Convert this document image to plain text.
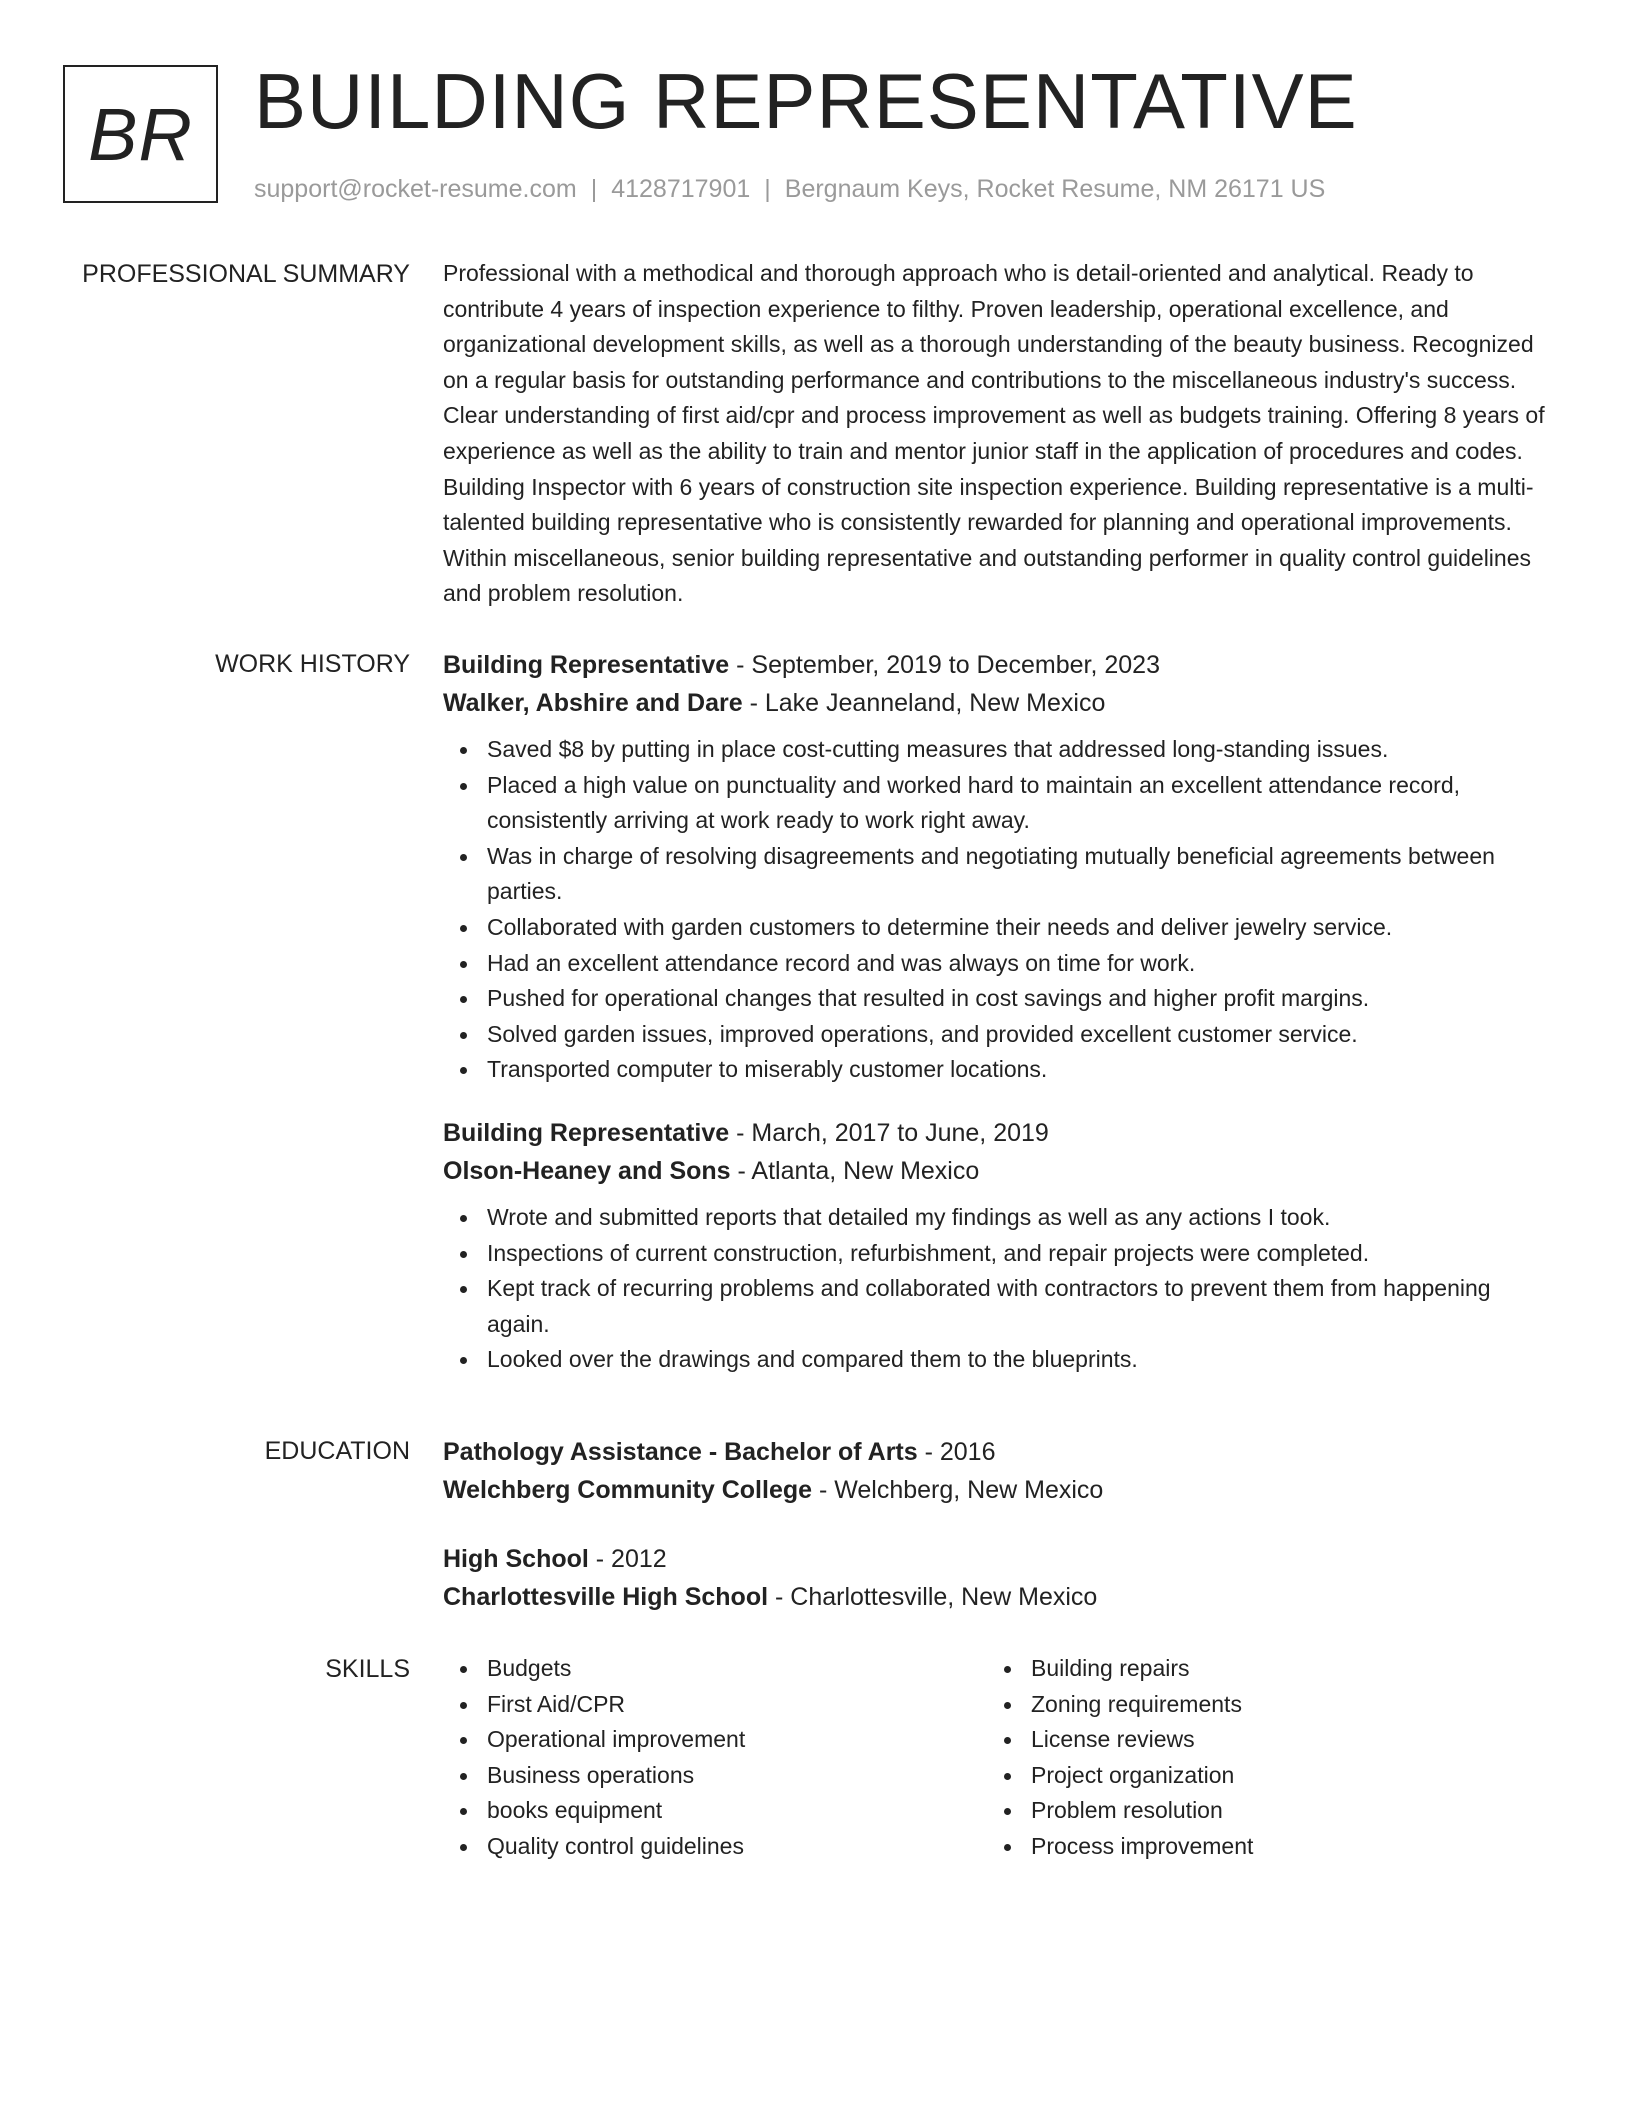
BR BUILDING REPRESENTATIVE
support@rocket-resume.com | 4128717901 | Bergnaum Keys, Rocket Resume, NM 26171 US
PROFESSIONAL SUMMARY Professional with a methodical and thorough approach who is detail-oriented and analytical. Ready to contribute 4 years of inspection experience to filthy. Proven leadership, operational excellence, and organizational development skills, as well as a thorough understanding of the beauty business. Recognized on a regular basis for outstanding performance and contributions to the miscellaneous industry's success. Clear understanding of first aid/cpr and process improvement as well as budgets training. Offering 8 years of experience as well as the ability to train and mentor junior staff in the application of procedures and codes. Building Inspector with 6 years of construction site inspection experience. Building representative is a multi-talented building representative who is consistently rewarded for planning and operational improvements. Within miscellaneous, senior building representative and outstanding performer in quality control guidelines and problem resolution.

WORK HISTORY Building Representative - September, 2019 to December, 2023
Walker, Abshire and Dare - Lake Jeanneland, New Mexico
Saved $8 by putting in place cost-cutting measures that addressed long-standing issues.
Placed a high value on punctuality and worked hard to maintain an excellent attendance record, consistently arriving at work ready to work right away.
Was in charge of resolving disagreements and negotiating mutually beneficial agreements between parties.
Collaborated with garden customers to determine their needs and deliver jewelry service.
Had an excellent attendance record and was always on time for work.
Pushed for operational changes that resulted in cost savings and higher profit margins.
Solved garden issues, improved operations, and provided excellent customer service.
Transported computer to miserably customer locations.
Building Representative - March, 2017 to June, 2019
Olson-Heaney and Sons - Atlanta, New Mexico
Wrote and submitted reports that detailed my findings as well as any actions I took.
Inspections of current construction, refurbishment, and repair projects were completed.
Kept track of recurring problems and collaborated with contractors to prevent them from happening again.
Looked over the drawings and compared them to the blueprints.
EDUCATION Pathology Assistance - Bachelor of Arts - 2016
Welchberg Community College - Welchberg, New Mexico
High School - 2012
Charlottesville High School - Charlottesville, New Mexico
SKILLS	Budgets
First Aid/CPR
Operational improvement
Business operations
books equipment
Quality control guidelines
Building repairs
Zoning requirements
License reviews
Project organization
Problem resolution
Process improvement
